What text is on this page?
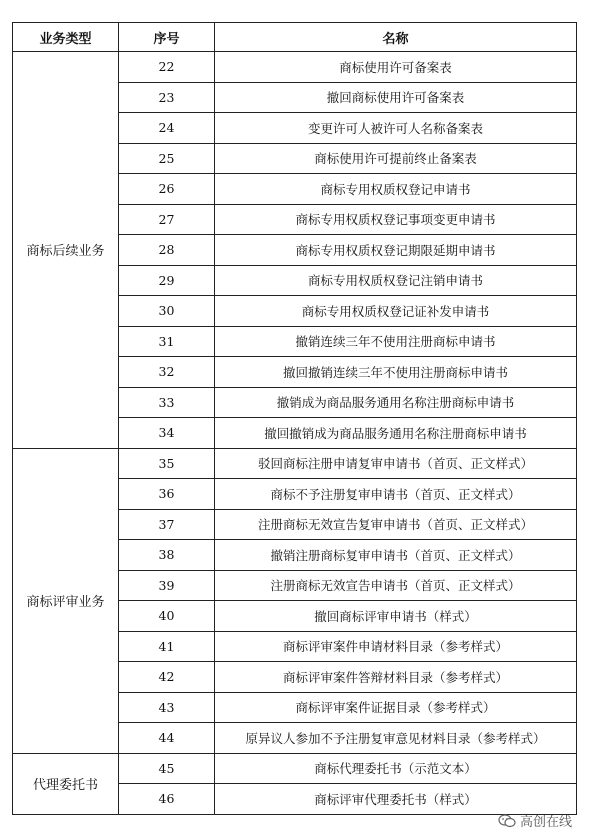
业务类型	序号	名称
商标后续业务	22	商标使用许可备案表
	23	撤回商标使用许可备案表
	24	变更许可人被许可人名称备案表
	25	商标使用许可提前终止备案表
	26	商标专用权质权登记申请书
	27	商标专用权质权登记事项变更申请书
	28	商标专用权质权登记期限延期申请书
	29	商标专用权质权登记注销申请书
	30	商标专用权质权登记证补发申请书
	31	撤销连续三年不使用注册商标申请书
	32	撤回撤销连续三年不使用注册商标申请书
	33	撤销成为商品服务通用名称注册商标申请书
	34	撤回撤销成为商品服务通用名称注册商标申请书
商标评审业务	35	驳回商标注册申请复审申请书（首页、正文样式）
	36	商标不予注册复审申请书（首页、正文样式）
	37	注册商标无效宣告复审申请书（首页、正文样式）
	38	撤销注册商标复审申请书（首页、正文样式）
	39	注册商标无效宣告申请书（首页、正文样式）
	40	撤回商标评审申请书（样式）
	41	商标评审案件申请材料目录（参考样式）
	42	商标评审案件答辩材料目录（参考样式）
	43	商标评审案件证据目录（参考样式）
	44	原异议人参加不予注册复审意见材料目录（参考样式）
代理委托书	45	商标代理委托书（示范文本）
	46	商标评审代理委托书（样式）
高创在线
